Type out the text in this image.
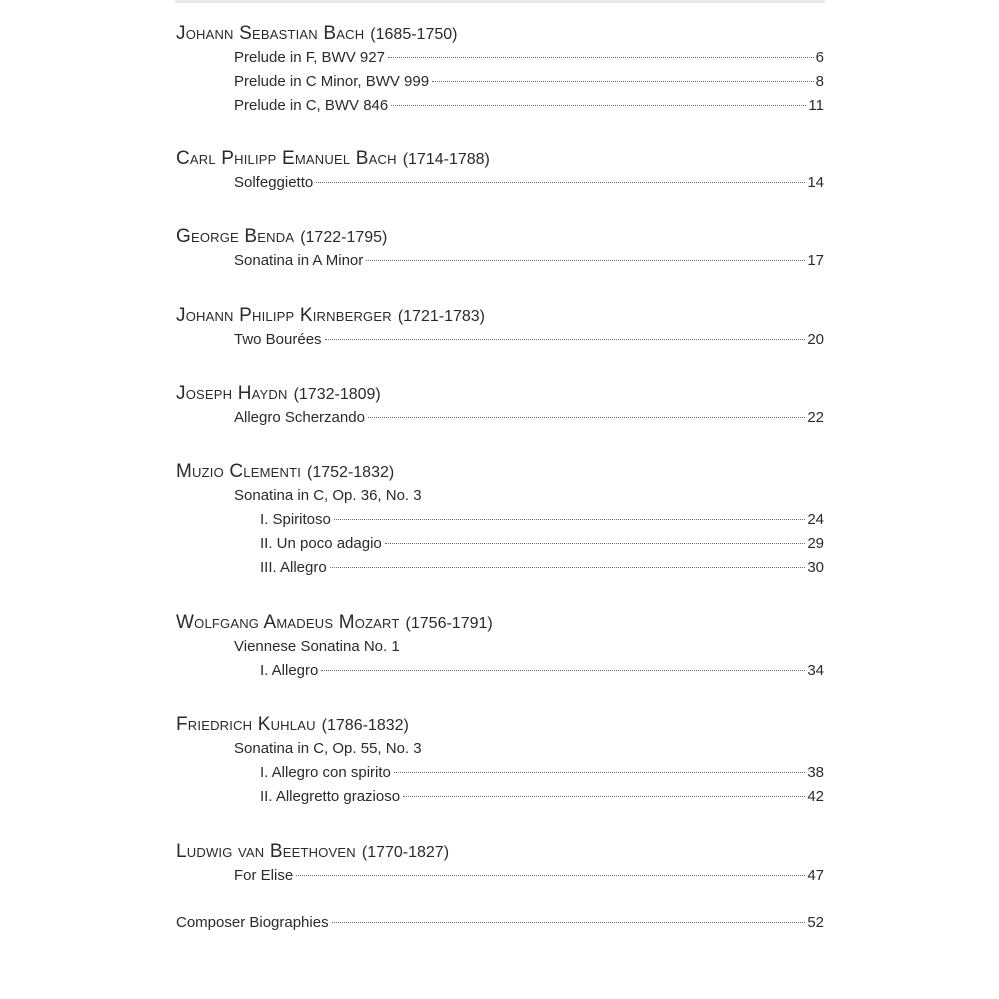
Johann Sebastian Bach (1685-1750)
Prelude in F, BWV 927	6
Prelude in C Minor, BWV 999	8
Prelude in C, BWV 846	11
Carl Philipp Emanuel Bach (1714-1788)
Solfeggietto	14
George Benda (1722-1795)
Sonatina in A Minor	17
Johann Philipp Kirnberger (1721-1783)
Two Bourées	20
Joseph Haydn (1732-1809)
Allegro Scherzando	22
Muzio Clementi (1752-1832)
Sonatina in C, Op. 36, No. 3
I. Spiritoso	24
II. Un poco adagio	29
III. Allegro	30
Wolfgang Amadeus Mozart (1756-1791)
Viennese Sonatina No. 1
I. Allegro	34
Friedrich Kuhlau (1786-1832)
Sonatina in C, Op. 55, No. 3
I. Allegro con spirito	38
II. Allegretto grazioso	42
Ludwig van Beethoven (1770-1827)
For Elise	47
Composer Biographies	52
